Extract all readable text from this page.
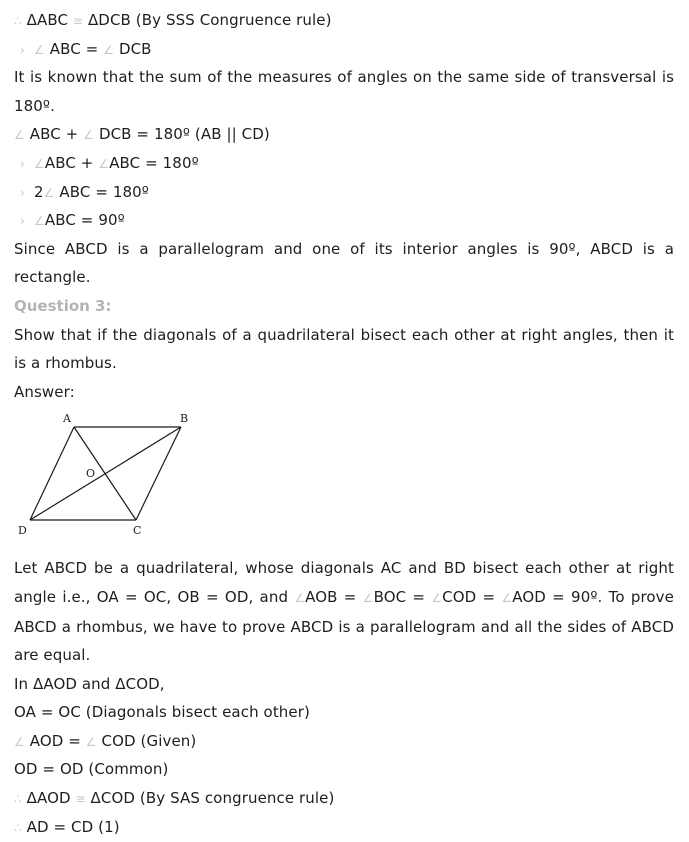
∴ ΔABC ≅ ΔDCB (By SSS Congruence rule)
› ∠ ABC = ∠ DCB
It is known that the sum of the measures of angles on the same side of transversal is 180º.
∠ ABC + ∠ DCB = 180º (AB || CD)
› ∠ABC + ∠ABC = 180º
› 2∠ ABC = 180º
› ∠ABC = 90º
Since ABCD is a parallelogram and one of its interior angles is 90º, ABCD is a rectangle.
Question 3:
Show that if the diagonals of a quadrilateral bisect each other at right angles, then it is a rhombus.
Answer:
A	B
C
D
O
Let ABCD be a quadrilateral, whose diagonals AC and BD bisect each other at right angle i.e., OA = OC, OB = OD, and ∠AOB = ∠BOC = ∠COD = ∠AOD = 90º. To prove ABCD a rhombus, we have to prove ABCD is a parallelogram and all the sides of ABCD are equal.
In ΔAOD and ΔCOD,
OA = OC (Diagonals bisect each other)
∠ AOD = ∠ COD (Given)
OD = OD (Common)
∴ ΔAOD ≅ ΔCOD (By SAS congruence rule)
∴ AD = CD (1)
